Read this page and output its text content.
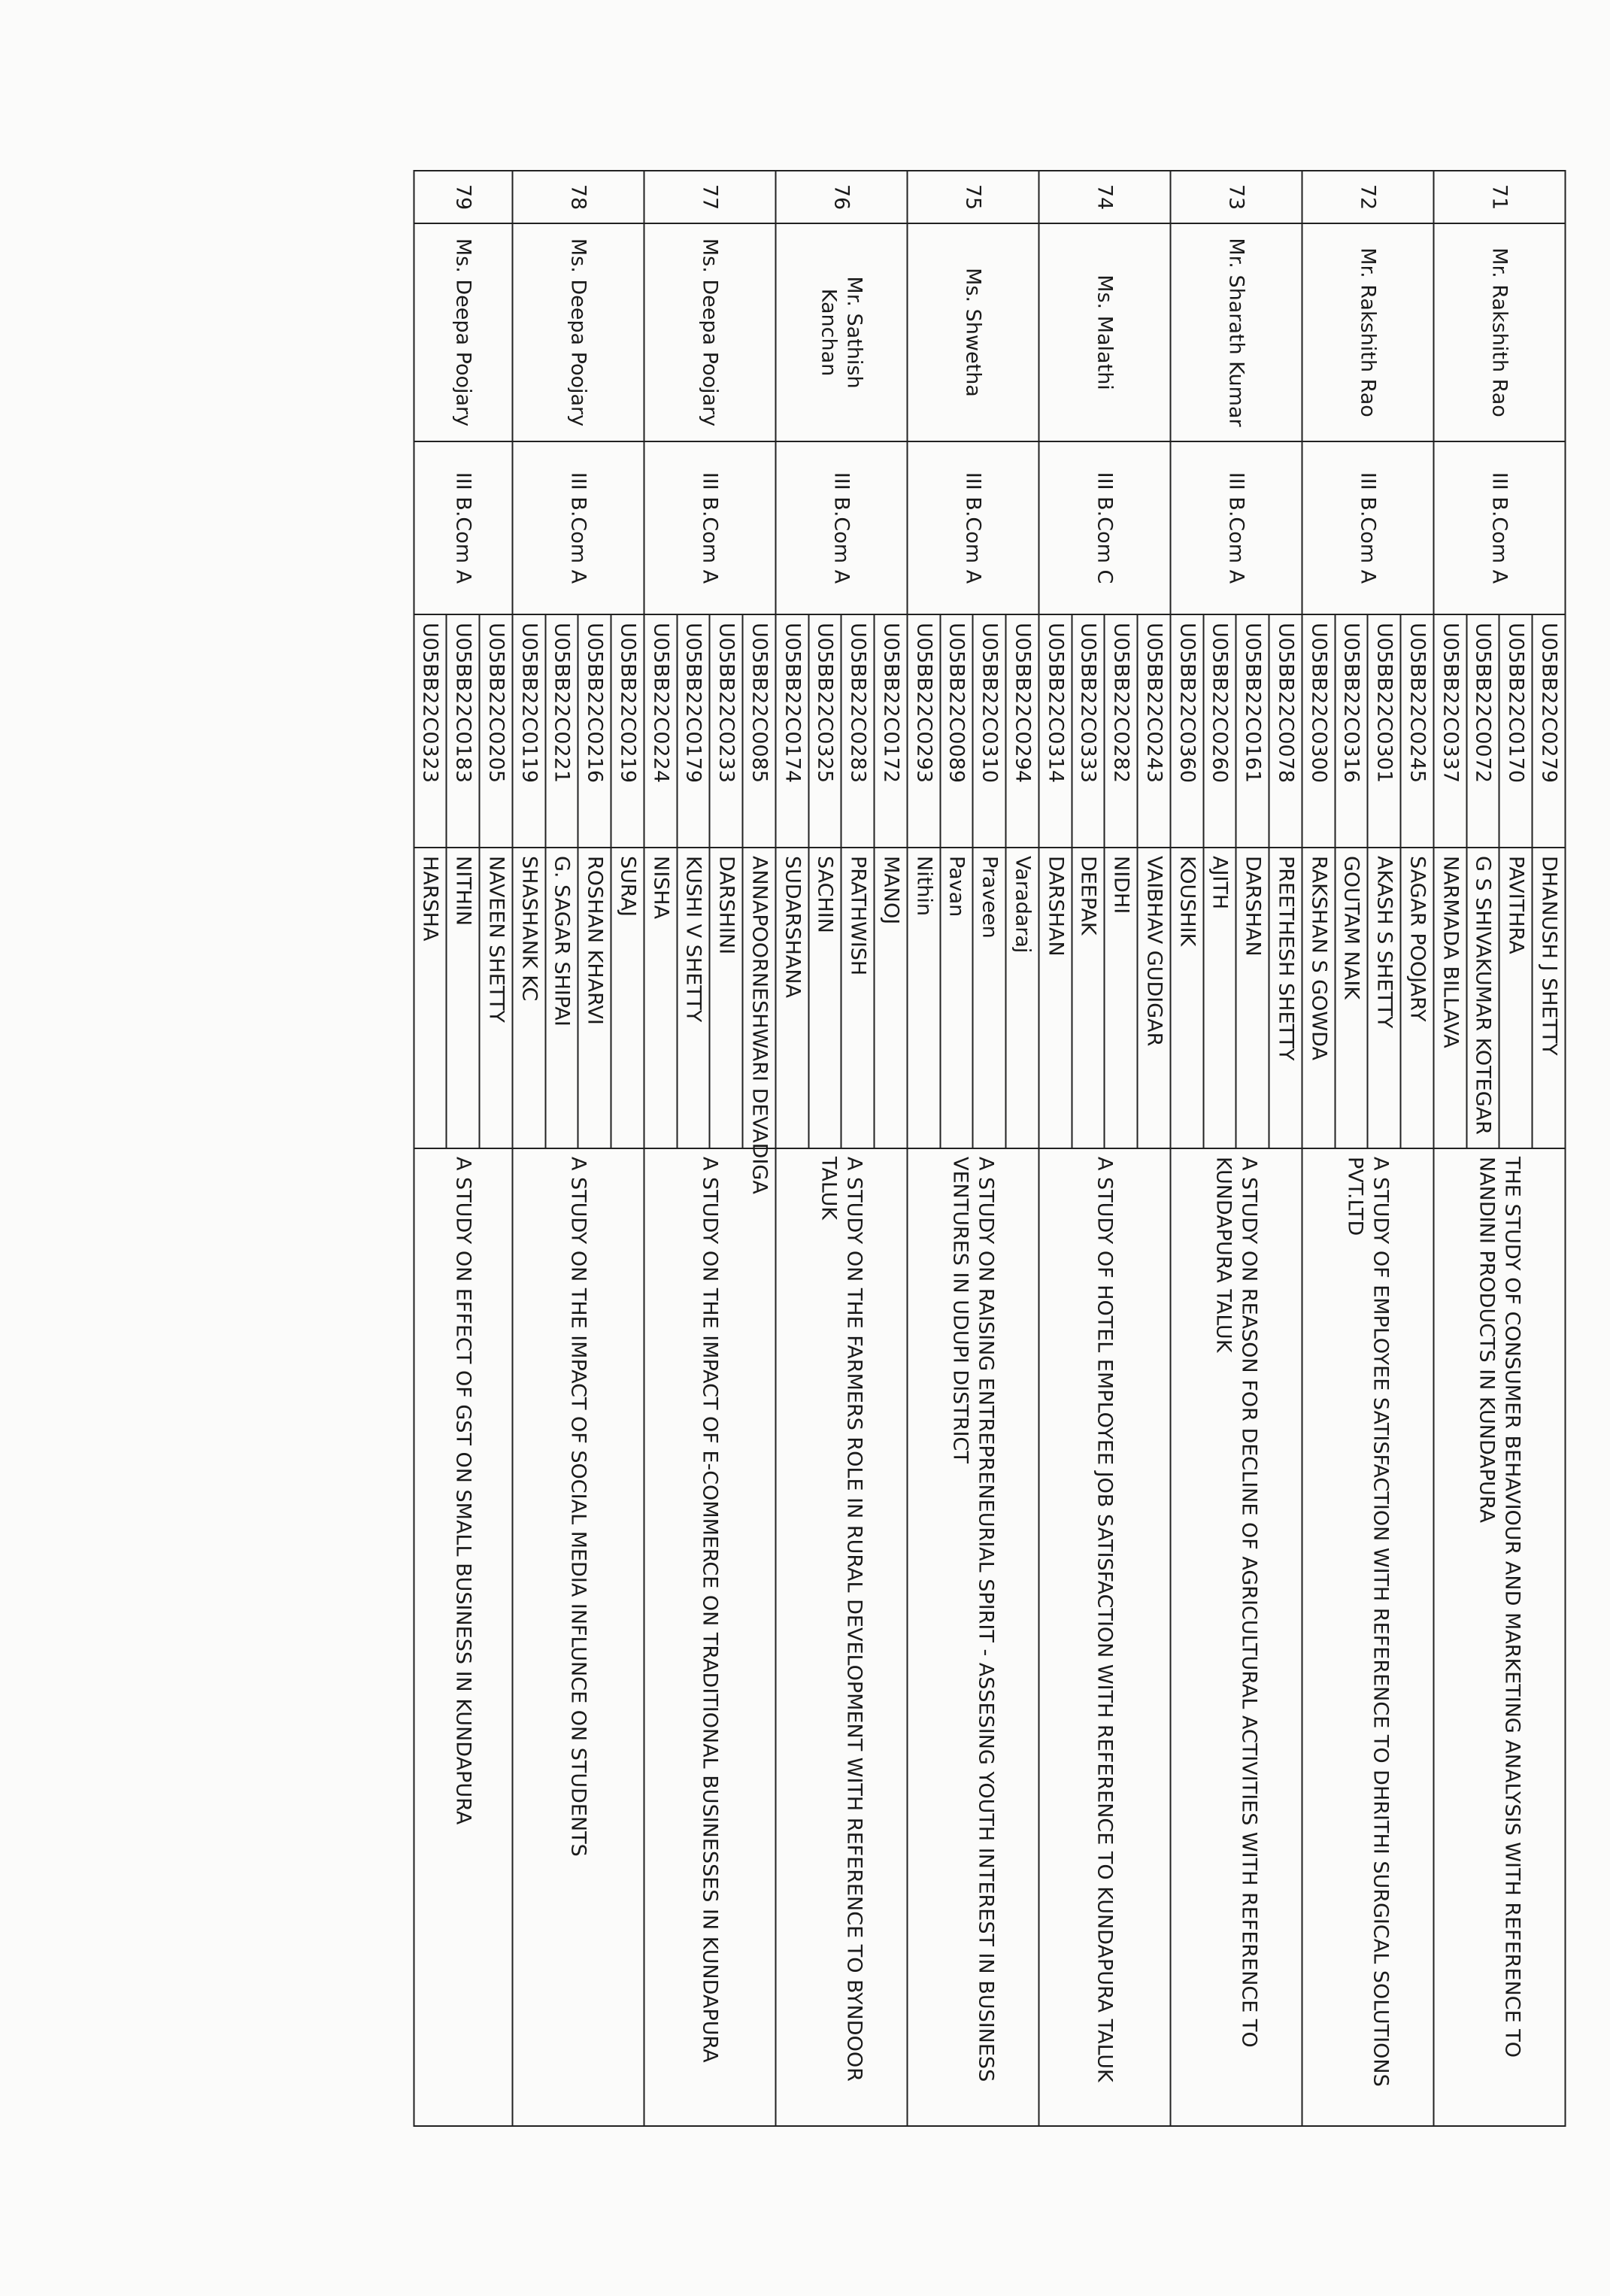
71	Mr. Rakshith Rao	III B.Com A	U05BB22C0279	DHANUSH J SHETTY	THE STUDY OF CONSUMER BEHAVIOUR AND MARKETING ANALYSIS WITH REFERENCE TO NANDINI PRODUCTS IN KUNDAPURA
			U05BB22C0170	PAVITHRA	
			U05BB22C0072	G S SHIVAKUMAR KOTEGAR	
			U05BB22C0337	NARMADA BILLAVA	
72	Mr. Rakshith Rao	III B.Com A	U05BB22C0245	SAGAR POOJARY	A STUDY OF EMPLOYEE SATISFACTION WITH REFERENCE TO DHRITHI SURGICAL SOLUTIONS PVT.LTD
			U05BB22C0301	AKASH S SHETTY	
			U05BB22C0316	GOUTAM NAIK	
			U05BB22C0300	RAKSHAN S GOWDA	
73	Mr. Sharath Kumar	III B.Com A	U05BB22C0078	PREETHESH SHETTY	A STUDY ON REASON FOR DECLINE OF AGRICULTURAL ACTIVITIES WITH REFERENCE TO KUNDAPURA TALUK
			U05BB22C0161	DARSHAN	
			U05BB22C0260	AJITH	
			U05BB22C0360	KOUSHIK	
74	Ms. Malathi	III B.Com C	U05BB22C0243	VAIBHAV GUDIGAR	A STUDY OF HOTEL EMPLOYEE JOB SATISFACTION WITH REFERENCE TO KUNDAPURA TALUK
			U05BB22C0282	NIDHI	
			U05BB22C0333	DEEPAK	
			U05BB22C0314	DARSHAN	
75	Ms. Shwetha	III B.Com A	U05BB22C0294	Varadaraj	A STUDY ON RAISING ENTREPRENEURIAL SPIRIT - ASSESING YOUTH INTEREST IN BUSINESS VENTURES IN UDUPI DISTRICT
			U05BB22C0310	Praveen	
			U05BB22C0089	Pavan	
			U05BB22C0293	Nithin	
76	Mr. Sathish Kanchan	III B.Com A	U05BB22C0172	MANOJ	A STUDY ON THE FARMERS ROLE IN RURAL DEVELOPMENT WITH REFERENCE TO BYNDOOR TALUK
			U05BB22C0283	PRATHWISH	
			U05BB22C0325	SACHIN	
			U05BB22C0174	SUDARSHANA	
77	Ms. Deepa Poojary	III B.Com A	U05BB22C0085	ANNAPOORNESHWARI DEVADIGA	A STUDY ON THE IMPACT OF E-COMMERCE ON TRADITIONAL BUSINESSES IN KUNDAPURA
			U05BB22C0233	DARSHINI	
			U05BB22C0179	KUSHI V SHETTY	
			U05BB22C0224	NISHA	
78	Ms. Deepa Poojary	III B.Com A	U05BB22C0219	SURAJ	A STUDY ON THE IMPACT OF SOCIAL MEDIA INFLUNCE ON STUDENTS
			U05BB22C0216	ROSHAN KHARVI	
			U05BB22C0221	G. SAGAR SHIPAI	
			U05BB22C0119	SHASHANK KC	
79	Ms. Deepa Poojary	III B.Com A	U05BB22C0205	NAVEEN SHETTY	A STUDY ON EFFECT OF GST ON SMALL BUSINESS IN KUNDAPURA
			U05BB22C0183	NITHIN	
			U05BB22C0323	HARSHA	
